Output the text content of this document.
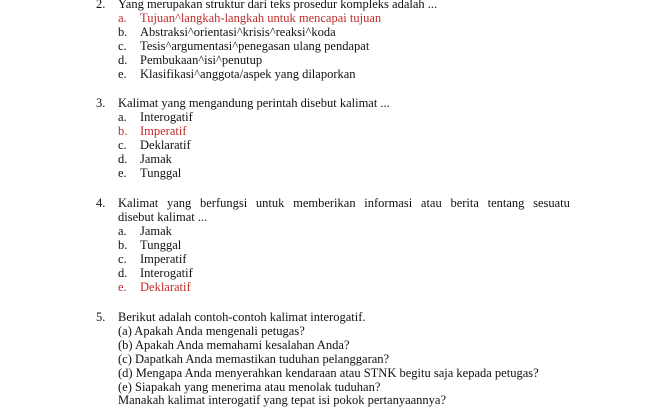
2. Yang merupakan struktur dari teks prosedur kompleks adalah ...
a. Tujuan^langkah-langkah untuk mencapai tujuan
b. Abstraksi^orientasi^krisis^reaksi^koda
c. Tesis^argumentasi^penegasan ulang pendapat
d. Pembukaan^isi^penutup
e. Klasifikasi^anggota/aspek yang dilaporkan
3. Kalimat yang mengandung perintah disebut kalimat ...
a. Interogatif
b. Imperatif
c. Deklaratif
d. Jamak
e. Tunggal
4. Kalimat yang berfungsi untuk memberikan informasi atau berita tentang sesuatu
disebut kalimat ...
a. Jamak
b. Tunggal
c. Imperatif
d. Interogatif
e. Deklaratif
5. Berikut adalah contoh-contoh kalimat interogatif.
(a) Apakah Anda mengenali petugas?
(b) Apakah Anda memahami kesalahan Anda?
(c) Dapatkah Anda memastikan tuduhan pelanggaran?
(d) Mengapa Anda menyerahkan kendaraan atau STNK begitu saja kepada petugas?
(e) Siapakah yang menerima atau menolak tuduhan?
Manakah kalimat interogatif yang tepat isi pokok pertanyaannya?
